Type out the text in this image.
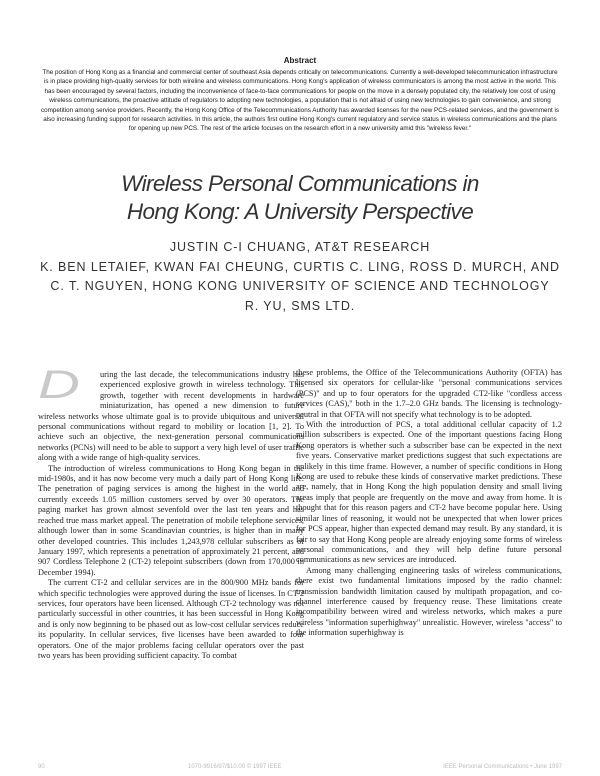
Abstract
The position of Hong Kong as a financial and commercial center of southeast Asia depends critically on telecommunications. Currently a well-developed telecommunication infrastructure is in place providing high-quality services for both wireline and wireless communications. Hong Kong's application of wireless communicators is among the most active in the world. This has been encouraged by several factors, including the inconvenience of face-to-face communications for people on the move in a densely populated city, the relatively low cost of using wireless communications, the proactive attitude of regulators to adopting new technologies, a population that is not afraid of using new technologies to gain convenience, and strong competition among service providers. Recently, the Hong Kong Office of the Telecommunications Authority has awarded licenses for the new PCS-related services, and the government is also increasing funding support for research activities. In this article, the authors first outline Hong Kong's current regulatory and service status in wireless communications and the plans for opening up new PCS. The rest of the article focuses on the research effort in a new university amid this "wireless fever."
Wireless Personal Communications in
Hong Kong: A University Perspective
JUSTIN C-I CHUANG, AT&T RESEARCH
K. BEN LETAIEF, KWAN FAI CHEUNG, CURTIS C. LING, ROSS D. MURCH, AND
C. T. NGUYEN, HONG KONG UNIVERSITY OF SCIENCE AND TECHNOLOGY
R. YU, SMS LTD.
D	uring the last decade, the telecommunications industry has experienced explosive growth in wireless technology. This growth, together with recent developments in hardware miniaturization, has opened a new dimension to future wireless networks whose ultimate goal is to provide ubiquitous and universal personal communications without regard to mobility or location [1, 2]. To achieve such an objective, the next-generation personal communications networks (PCNs) will need to be able to support a very high level of user traffic along with a wide range of high-quality services.

The introduction of wireless communications to Hong Kong began in the mid-1980s, and it has now become very much a daily part of Hong Kong life. The penetration of paging services is among the highest in the world and currently exceeds 1.05 million customers served by over 30 operators. The paging market has grown almost sevenfold over the last ten years and has reached true mass market appeal. The penetration of mobile telephone services, although lower than in some Scandinavian countries, is higher than in many other developed countries. This includes 1,243,978 cellular subscribers as of January 1997, which represents a penetration of approximately 21 percent, and 907 Cordless Telephone 2 (CT-2) telepoint subscribers (down from 170,000 in December 1994).

The current CT-2 and cellular services are in the 800/900 MHz bands for which specific technologies were approved during the issue of licenses. In CT-2 services, four operators have been licensed. Although CT-2 technology was not particularly successful in other countries, it has been successful in Hong Kong and is only now beginning to be phased out as low-cost cellular services reduce its popularity. In cellular services, five licenses have been awarded to four operators. One of the major problems facing cellular operators over the past two years has been providing sufficient capacity. To combat

these problems, the Office of the Telecommunications Authority (OFTA) has licensed six operators for cellular-like "personal communications services (PCS)" and up to four operators for the upgraded CT2-like "cordless access services (CAS)," both in the 1.7–2.0 GHz bands. The licensing is technology-neutral in that OFTA will not specify what technology is to be adopted.

With the introduction of PCS, a total additional cellular capacity of 1.2 million subscribers is expected. One of the important questions facing Hong Kong operators is whether such a subscriber base can be expected in the next five years. Conservative market predictions suggest that such expectations are unlikely in this time frame. However, a number of specific conditions in Hong Kong are used to rebuke these kinds of conservative market predictions. These are, namely, that in Hong Kong the high population density and small living areas imply that people are frequently on the move and away from home. It is thought that for this reason pagers and CT-2 have become popular here. Using similar lines of reasoning, it would not be unexpected that when lower prices for PCS appear, higher than expected demand may result. By any standard, it is fair to say that Hong Kong people are already enjoying some forms of wireless personal communications, and they will help define future personal communications as new services are introduced.

Among many challenging engineering tasks of wireless communications, there exist two fundamental limitations imposed by the radio channel: transmission bandwidth limitation caused by multipath propagation, and co-channel interference caused by frequency reuse. These limitations create incompatibility between wired and wireless networks, which makes a pure wireless "information superhighway" unrealistic. However, wireless "access" to the information superhighway is

90	1070-9916/97/$10.00 © 1997 IEEE	IEEE Personal Communications • June 1997
